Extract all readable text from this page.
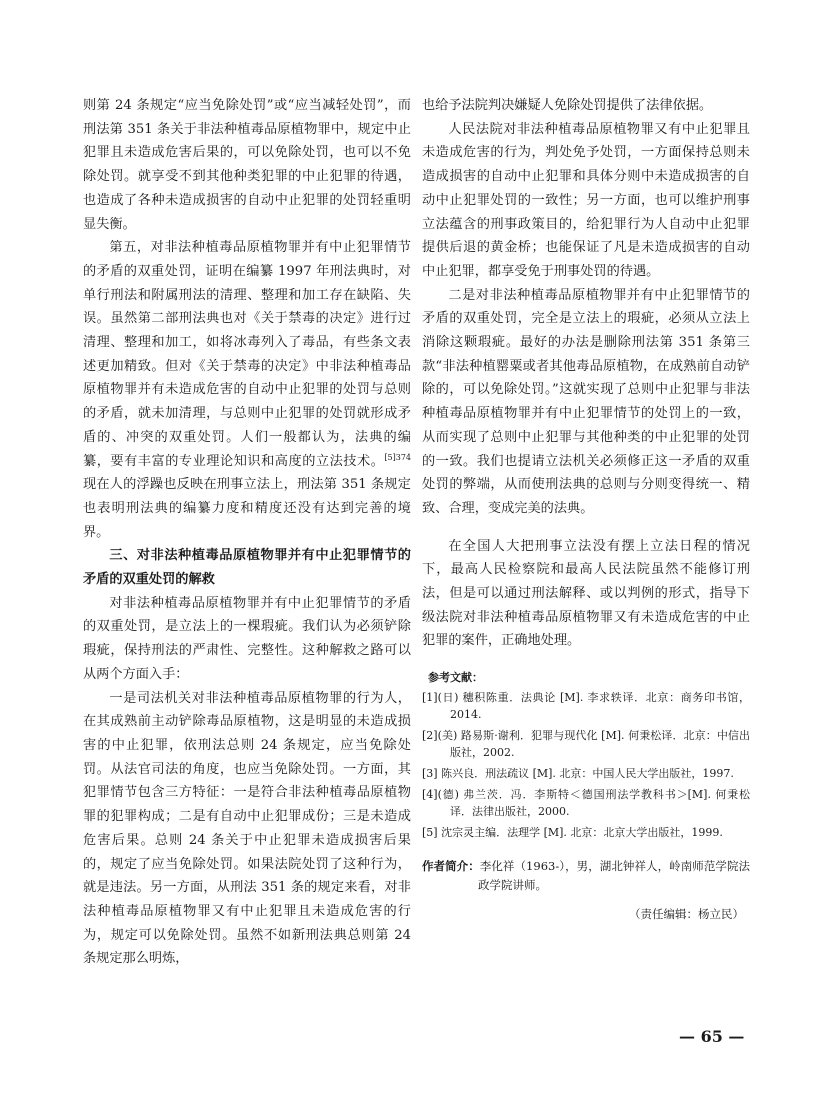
则第 24 条规定“应当免除处罚”或“应当减轻处罚”，而刑法第 351 条关于非法种植毒品原植物罪中，规定中止犯罪且未造成危害后果的，可以免除处罚，也可以不免除处罚。就享受不到其他种类犯罪的中止犯罪的待遇，也造成了各种未造成损害的自动中止犯罪的处罚轻重明显失衡。

第五，对非法种植毒品原植物罪并有中止犯罪情节的矛盾的双重处罚，证明在编纂 1997 年刑法典时，对单行刑法和附属刑法的清理、整理和加工存在缺陷、失误。虽然第二部刑法典也对《关于禁毒的决定》进行过清理、整理和加工，如将冰毒列入了毒品，有些条文表述更加精致。但对《关于禁毒的决定》中非法种植毒品原植物罪并有未造成危害的自动中止犯罪的处罚与总则的矛盾，就未加清理，与总则中止犯罪的处罚就形成矛盾的、冲突的双重处罚。人们一般都认为，法典的编纂，要有丰富的专业理论知识和高度的立法技术。$^{[5]374}$ 现在人的浮躁也反映在刑事立法上，刑法第 351 条规定也表明刑法典的编纂力度和精度还没有达到完善的境界。

三、对非法种植毒品原植物罪并有中止犯罪情节的矛盾的双重处罚的解救

对非法种植毒品原植物罪并有中止犯罪情节的矛盾的双重处罚，是立法上的一棵瑕疵。我们认为必须铲除瑕疵，保持刑法的严肃性、完整性。这种解救之路可以从两个方面入手：

一是司法机关对非法种植毒品原植物罪的行为人，在其成熟前主动铲除毒品原植物，这是明显的未造成损害的中止犯罪，依刑法总则 24 条规定，应当免除处罚。从法官司法的角度，也应当免除处罚。一方面，其犯罪情节包含三方特征：一是符合非法种植毒品原植物罪的犯罪构成；二是有自动中止犯罪成份；三是未造成危害后果。总则 24 条关于中止犯罪未造成损害后果的，规定了应当免除处罚。如果法院处罚了这种行为，就是违法。另一方面，从刑法 351 条的规定来看，对非法种植毒品原植物罪又有中止犯罪且未造成危害的行为，规定可以免除处罚。虽然不如新刑法典总则第 24 条规定那么明炼，

也给予法院判决嫌疑人免除处罚提供了法律依据。

人民法院对非法种植毒品原植物罪又有中止犯罪且未造成危害的行为，判处免予处罚，一方面保持总则未造成损害的自动中止犯罪和具体分则中未造成损害的自动中止犯罪处罚的一致性；另一方面，也可以维护刑事立法蕴含的刑事政策目的，给犯罪行为人自动中止犯罪提供后退的黄金桥；也能保证了凡是未造成损害的自动中止犯罪，都享受免于刑事处罚的待遇。

二是对非法种植毒品原植物罪并有中止犯罪情节的矛盾的双重处罚，完全是立法上的瑕疵，必须从立法上消除这颗瑕疵。最好的办法是删除刑法第 351 条第三款“非法种植罂粟或者其他毒品原植物，在成熟前自动铲除的，可以免除处罚。”这就实现了总则中止犯罪与非法种植毒品原植物罪并有中止犯罪情节的处罚上的一致，从而实现了总则中止犯罪与其他种类的中止犯罪的处罚的一致。我们也提请立法机关必须修正这一矛盾的双重处罚的弊端，从而使刑法典的总则与分则变得统一、精致、合理，变成完美的法典。

在全国人大把刑事立法没有摆上立法日程的情况下，最高人民检察院和最高人民法院虽然不能修订刑法，但是可以通过刑法解释、或以判例的形式，指导下级法院对非法种植毒品原植物罪又有未造成危害的中止犯罪的案件，正确地处理。

参考文献：
[1](日) 穗积陈重．法典论 [M]. 李求轶译．北京：商务印书馆，2014.
[2](美) 路易斯·谢利．犯罪与现代化 [M]. 何秉松译．北京：中信出版社，2002.
[3] 陈兴良．刑法疏议 [M]. 北京：中国人民大学出版社，1997.
[4](德) 弗兰茨．冯．李斯特＜德国刑法学教科书＞[M]. 何秉松译．法律出版社，2000.
[5] 沈宗灵主编．法理学 [M]. 北京：北京大学出版社，1999.
作者简介：李化祥（1963-），男，湖北钟祥人，岭南师范学院法政学院讲师。
（责任编辑：杨立民）
— 65 —
